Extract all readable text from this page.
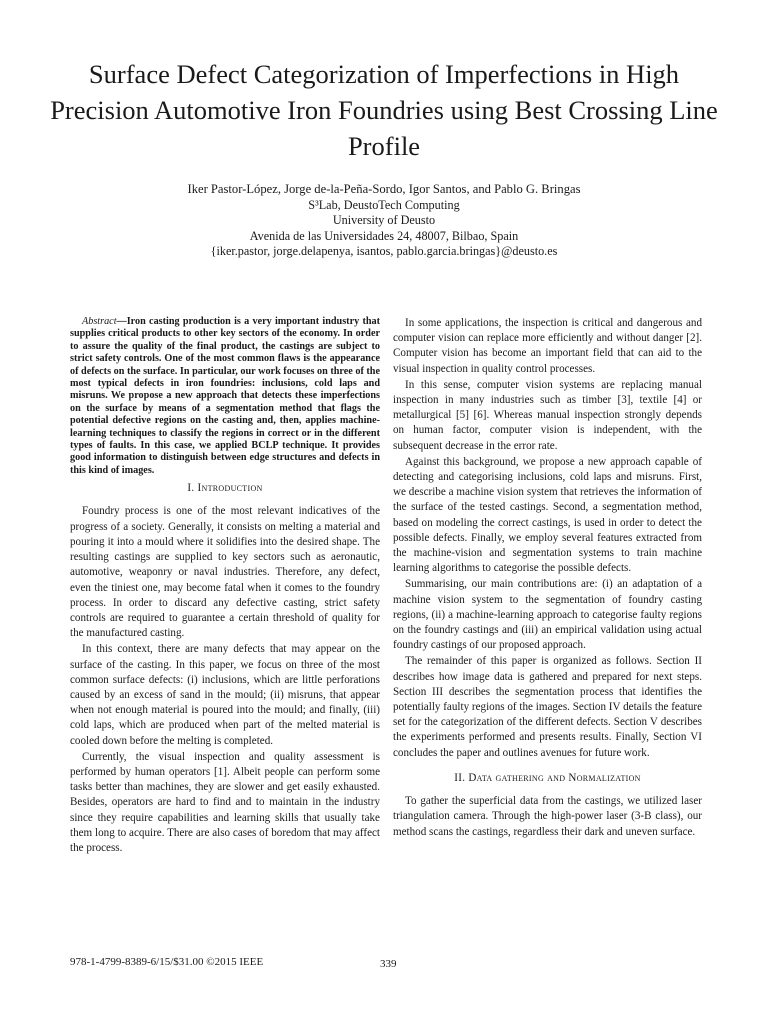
Surface Defect Categorization of Imperfections in High Precision Automotive Iron Foundries using Best Crossing Line Profile
Iker Pastor-López, Jorge de-la-Peña-Sordo, Igor Santos, and Pablo G. Bringas
S³Lab, DeustoTech Computing
University of Deusto
Avenida de las Universidades 24, 48007, Bilbao, Spain
{iker.pastor, jorge.delapenya, isantos, pablo.garcia.bringas}@deusto.es

Abstract—Iron casting production is a very important industry that supplies critical products to other key sectors of the economy. In order to assure the quality of the final product, the castings are subject to strict safety controls. One of the most common flaws is the appearance of defects on the surface. In particular, our work focuses on three of the most typical defects in iron foundries: inclusions, cold laps and misruns. We propose a new approach that detects these imperfections on the surface by means of a segmentation method that flags the potential defective regions on the casting and, then, applies machine-learning techniques to classify the regions in correct or in the different types of faults. In this case, we applied BCLP technique. It provides good information to distinguish between edge structures and defects in this kind of images.

I. Introduction

Foundry process is one of the most relevant indicatives of the progress of a society. Generally, it consists on melting a material and pouring it into a mould where it solidifies into the desired shape. The resulting castings are supplied to key sectors such as aeronautic, automotive, weaponry or naval industries. Therefore, any defect, even the tiniest one, may become fatal when it comes to the foundry process. In order to discard any defective casting, strict safety controls are required to guarantee a certain threshold of quality for the manufactured casting.

In this context, there are many defects that may appear on the surface of the casting. In this paper, we focus on three of the most common surface defects: (i) inclusions, which are little perforations caused by an excess of sand in the mould; (ii) misruns, that appear when not enough material is poured into the mould; and finally, (iii) cold laps, which are produced when part of the melted material is cooled down before the melting is completed.

Currently, the visual inspection and quality assessment is performed by human operators [1]. Albeit people can perform some tasks better than machines, they are slower and get easily exhausted. Besides, operators are hard to find and to maintain in the industry since they require capabilities and learning skills that usually take them long to acquire. There are also cases of boredom that may affect the process.

In some applications, the inspection is critical and dangerous and computer vision can replace more efficiently and without danger [2]. Computer vision has become an important field that can aid to the visual inspection in quality control processes.

In this sense, computer vision systems are replacing manual inspection in many industries such as timber [3], textile [4] or metallurgical [5] [6]. Whereas manual inspection strongly depends on human factor, computer vision is independent, with the subsequent decrease in the error rate.

Against this background, we propose a new approach capable of detecting and categorising inclusions, cold laps and misruns. First, we describe a machine vision system that retrieves the information of the surface of the tested castings. Second, a segmentation method, based on modeling the correct castings, is used in order to detect the possible defects. Finally, we employ several features extracted from the machine-vision and segmentation systems to train machine learning algorithms to categorise the possible defects.

Summarising, our main contributions are: (i) an adaptation of a machine vision system to the segmentation of foundry casting regions, (ii) a machine-learning approach to categorise faulty regions on the foundry castings and (iii) an empirical validation using actual foundry castings of our proposed approach.

The remainder of this paper is organized as follows. Section II describes how image data is gathered and prepared for next steps. Section III describes the segmentation process that identifies the potentially faulty regions of the images. Section IV details the feature set for the categorization of the different defects. Section V describes the experiments performed and presents results. Finally, Section VI concludes the paper and outlines avenues for future work.

II. Data gathering and Normalization

To gather the superficial data from the castings, we utilized laser triangulation camera. Through the high-power laser (3-B class), our method scans the castings, regardless their dark and uneven surface.

978-1-4799-8389-6/15/$31.00 ©2015 IEEE	339
